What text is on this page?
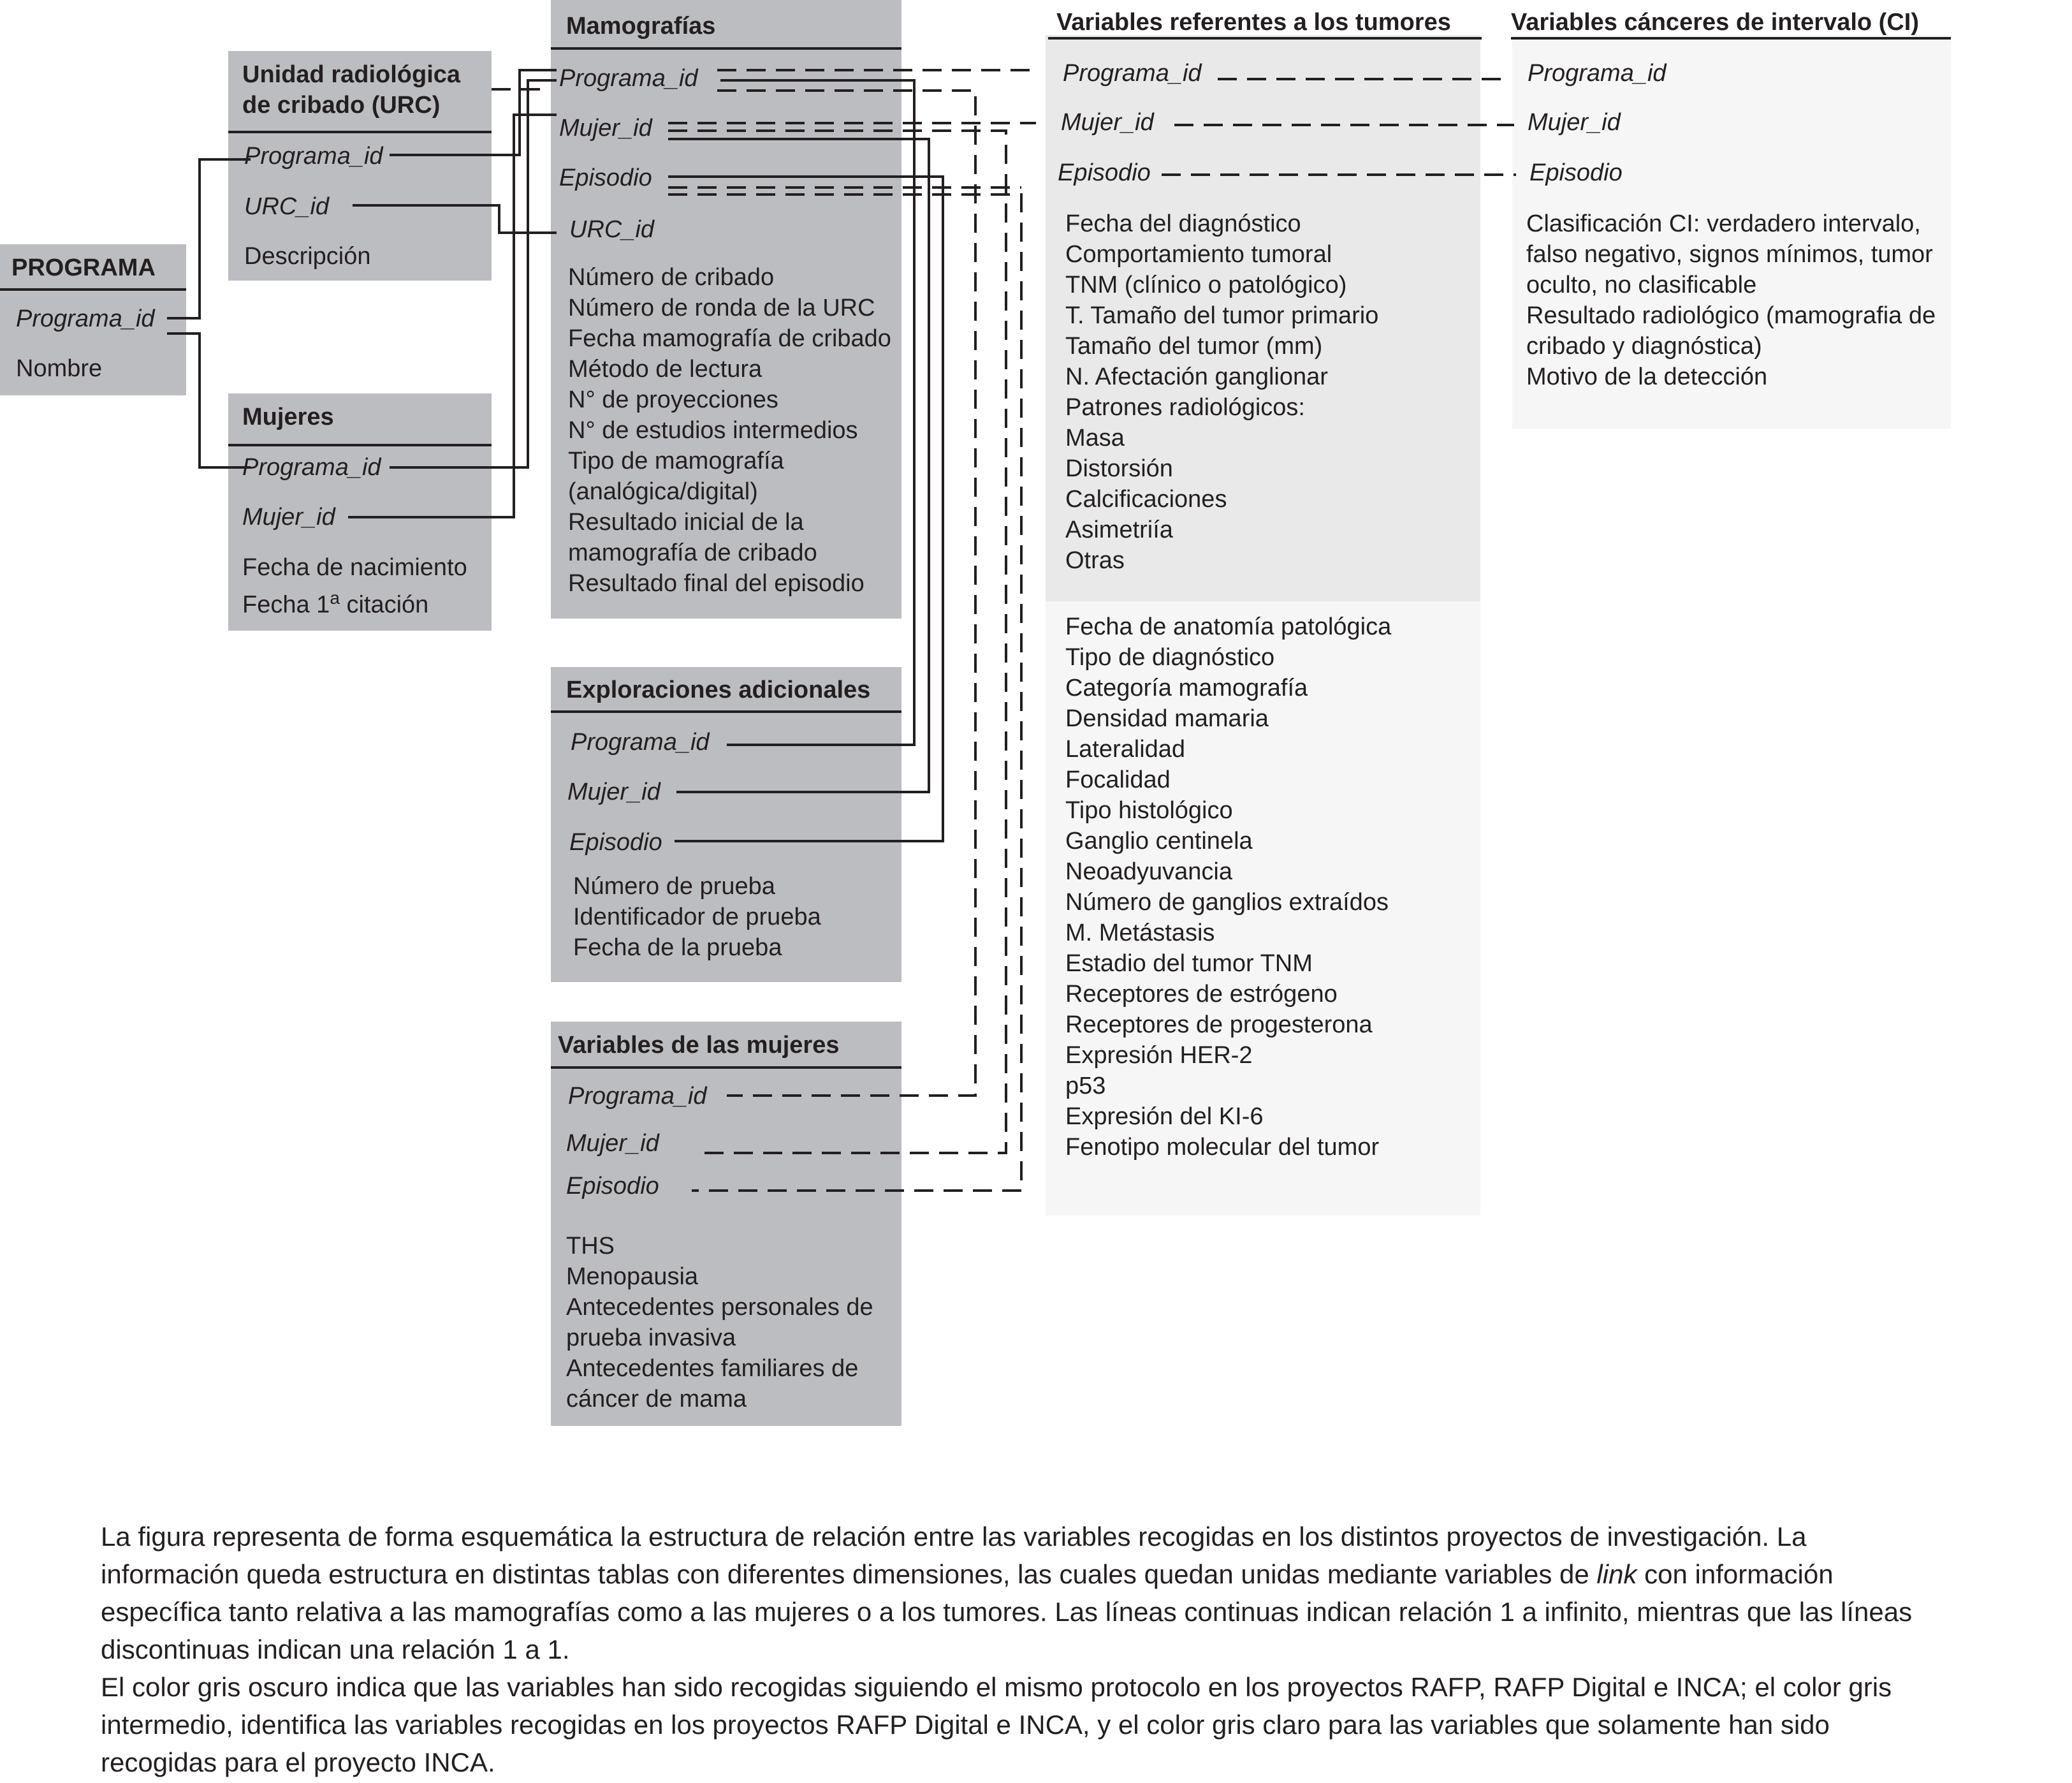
PROGRAMA
Programa_id
Nombre
Unidad radiológica
de cribado (URC)
Programa_id
URC_id
Descripción
Mujeres
Programa_id
Mujer_id
Fecha de nacimiento
Fecha 1$^a$ citación
Mamografías
Programa_id
Mujer_id
Episodio
URC_id
Número de cribado
Número de ronda de la URC
Fecha mamografía de cribado
Método de lectura
N° de proyecciones
N° de estudios intermedios
Tipo de mamografía
(analógica/digital)
Resultado inicial de la
mamografía de cribado
Resultado final del episodio
Exploraciones adicionales
Programa_id
Mujer_id
Episodio
Número de prueba
Identificador de prueba
Fecha de la prueba
Variables de las mujeres
Programa_id
Mujer_id
Episodio
THS
Menopausia
Antecedentes personales de
prueba invasiva
Antecedentes familiares de
cáncer de mama
Variables referentes a los tumores
Programa_id
Mujer_id
Episodio
Fecha del diagnóstico
Comportamiento tumoral
TNM (clínico o patológico)
T. Tamaño del tumor primario
Tamaño del tumor (mm)
N. Afectación ganglionar
Patrones radiológicos:
Masa
Distorsión
Calcificaciones
Asimetriía
Otras
Fecha de anatomía patológica
Tipo de diagnóstico
Categoría mamografía
Densidad mamaria
Lateralidad
Focalidad
Tipo histológico
Ganglio centinela
Neoadyuvancia
Número de ganglios extraídos
M. Metástasis
Estadio del tumor TNM
Receptores de estrógeno
Receptores de progesterona
Expresión HER-2
p53
Expresión del KI-6
Fenotipo molecular del tumor
Variables cánceres de intervalo (CI)
Programa_id
Mujer_id
Episodio
Clasificación CI: verdadero intervalo,
falso negativo, signos mínimos, tumor
oculto, no clasificable
Resultado radiológico (mamografia de
cribado y diagnóstica)
Motivo de la detección
La figura representa de forma esquemática la estructura de relación entre las variables recogidas en los distintos proyectos de investigación. La
información queda estructura en distintas tablas con diferentes dimensiones, las cuales quedan unidas mediante variables de link con información
específica tanto relativa a las mamografías como a las mujeres o a los tumores. Las líneas continuas indican relación 1 a infinito, mientras que las líneas
discontinuas indican una relación 1 a 1.
El color gris oscuro indica que las variables han sido recogidas siguiendo el mismo protocolo en los proyectos RAFP, RAFP Digital e INCA; el color gris
intermedio, identifica las variables recogidas en los proyectos RAFP Digital e INCA, y el color gris claro para las variables que solamente han sido
recogidas para el proyecto INCA.
